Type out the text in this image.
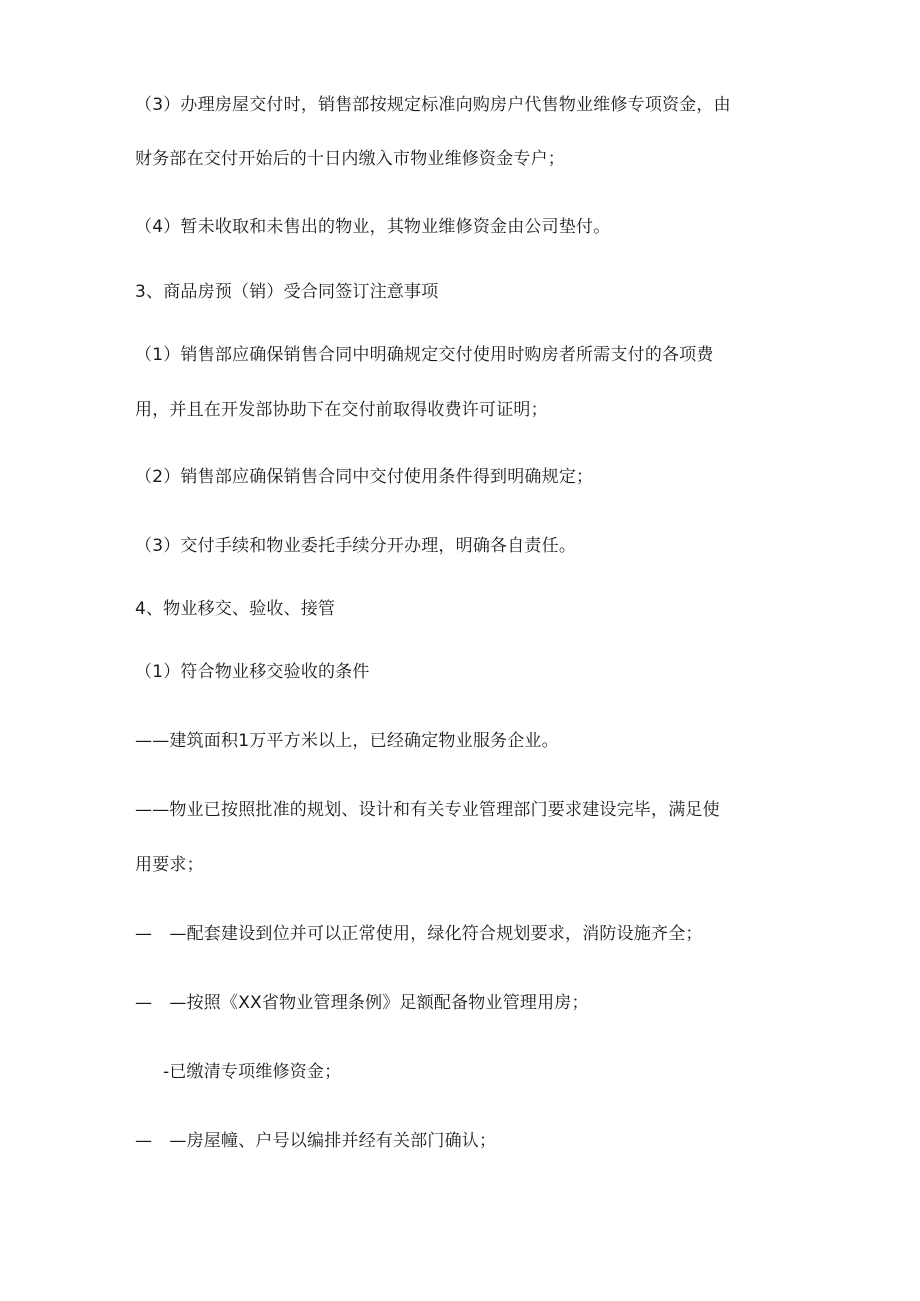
（3）办理房屋交付时，销售部按规定标准向购房户代售物业维修专项资金，由
财务部在交付开始后的十日内缴入市物业维修资金专户；
（4）暂未收取和未售出的物业，其物业维修资金由公司垫付。
3、商品房预（销）受合同签订注意事项
（1）销售部应确保销售合同中明确规定交付使用时购房者所需支付的各项费
用，并且在开发部协助下在交付前取得收费许可证明；
（2）销售部应确保销售合同中交付使用条件得到明确规定；
（3）交付手续和物业委托手续分开办理，明确各自责任。
4、物业移交、验收、接管
（1）符合物业移交验收的条件
——建筑面积1万平方米以上，已经确定物业服务企业。
——物业已按照批准的规划、设计和有关专业管理部门要求建设完毕，满足使
用要求；
—　—配套建设到位并可以正常使用，绿化符合规划要求，消防设施齐全；
—　—按照《XX省物业管理条例》足额配备物业管理用房；
-已缴清专项维修资金；
—　—房屋幢、户号以编排并经有关部门确认；
